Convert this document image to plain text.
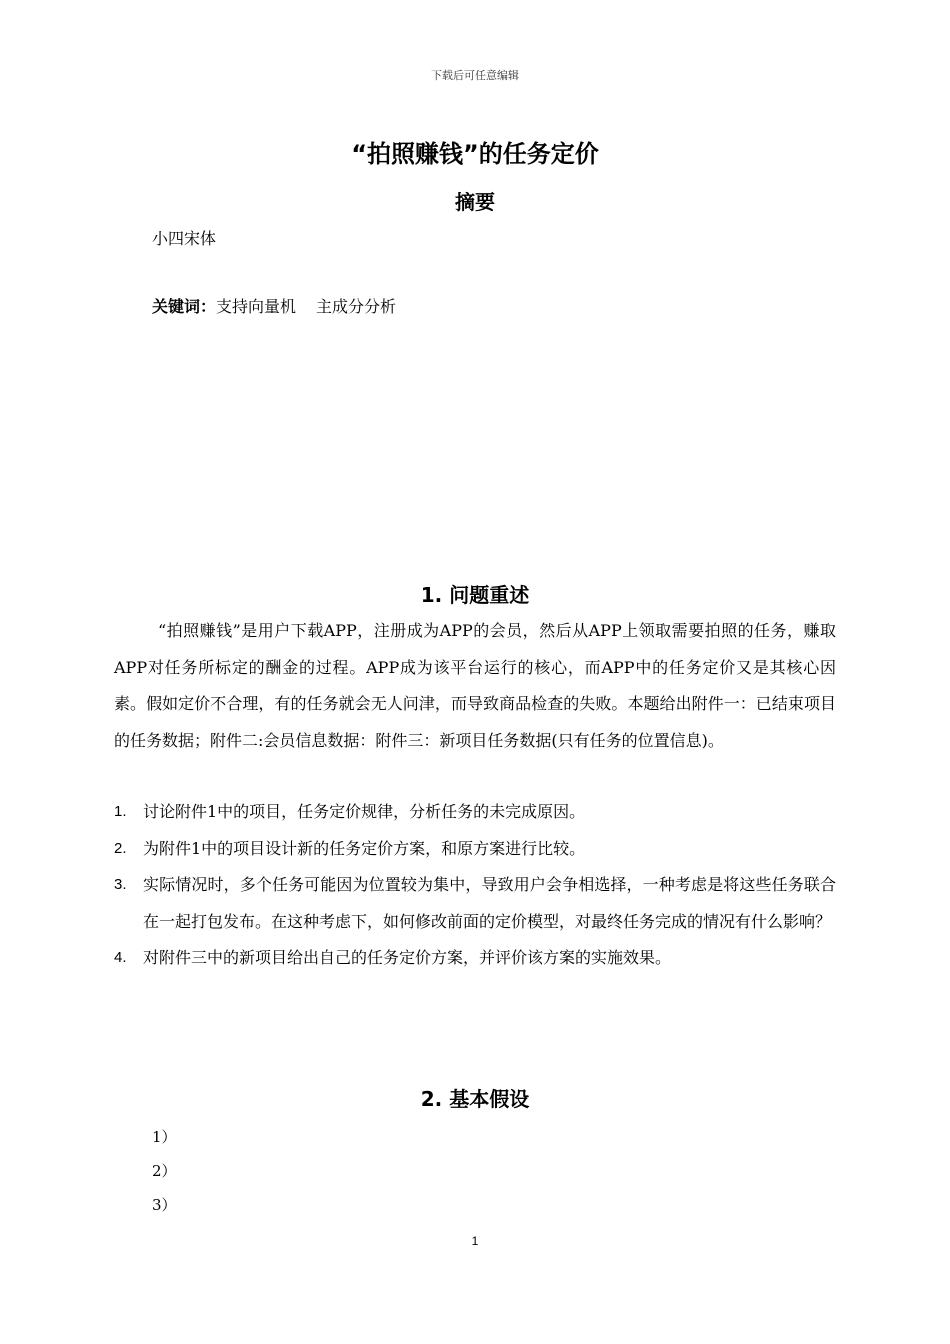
下载后可任意编辑
“拍照赚钱”的任务定价
摘要
小四宋体
关键词：支持向量机 主成分分析
1. 问题重述
“拍照赚钱”是用户下载APP，注册成为APP的会员，然后从APP上领取需要拍照的任务，赚取APP对任务所标定的酬金的过程。APP成为该平台运行的核心，而APP中的任务定价又是其核心因素。假如定价不合理，有的任务就会无人问津，而导致商品检查的失败。本题给出附件一：已结束项目的任务数据；附件二:会员信息数据：附件三：新项目任务数据(只有任务的位置信息)。
1. 讨论附件1中的项目，任务定价规律，分析任务的未完成原因。
2. 为附件1中的项目设计新的任务定价方案，和原方案进行比较。
3. 实际情况时，多个任务可能因为位置较为集中，导致用户会争相选择，一种考虑是将这些任务联合在一起打包发布。在这种考虑下，如何修改前面的定价模型，对最终任务完成的情况有什么影响？
4. 对附件三中的新项目给出自己的任务定价方案，并评价该方案的实施效果。
2. 基本假设
1）
2）
3）
1
